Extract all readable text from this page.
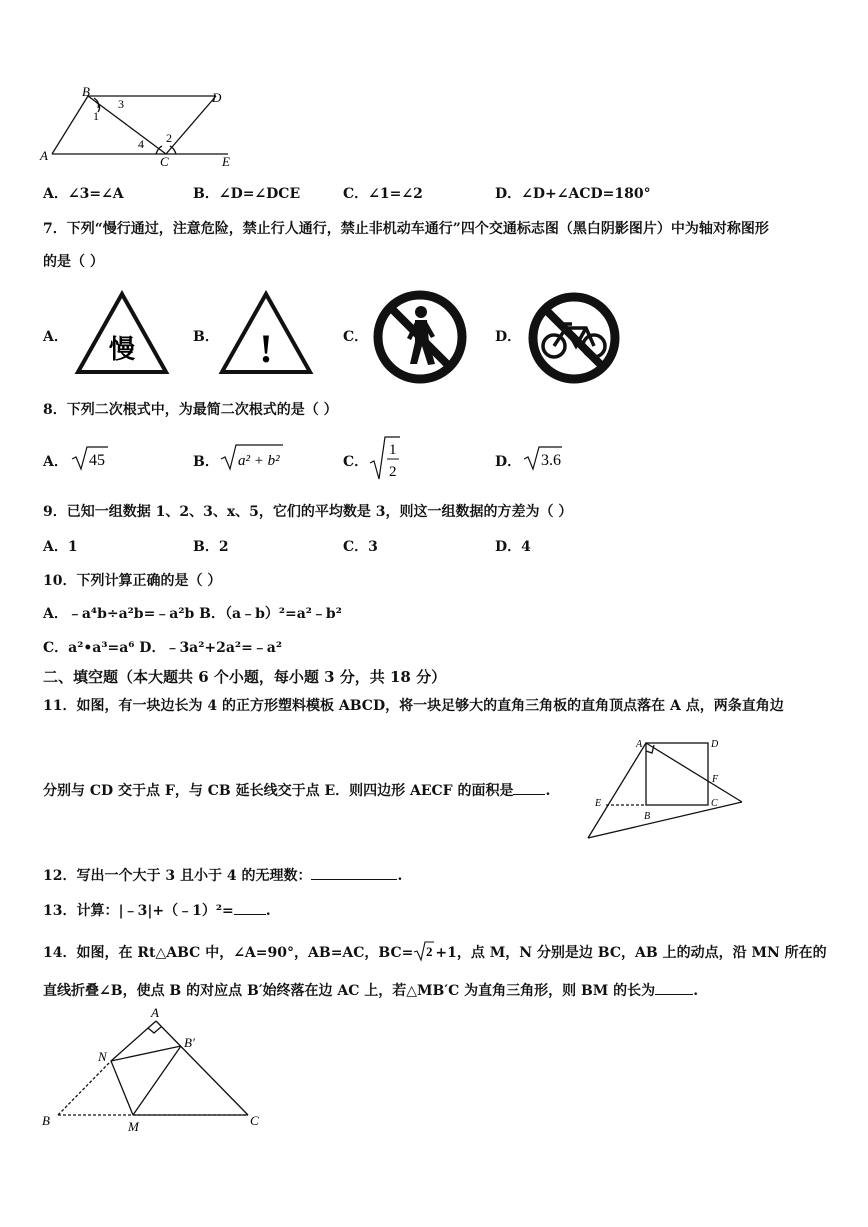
B	D
A	C	E
1
2
3
4
A．∠3=∠A	B．∠D=∠DCE	C．∠1=∠2	D．∠D+∠ACD=180°
7．下列“慢行通过，注意危险，禁止行人通行，禁止非机动车通行”四个交通标志图（黑白阴影图片）中为轴对称图形
的是（ ）
A． 慢	B． !	C．	D．
8．下列二次根式中，为最简二次根式的是（ ）
A． 45	B． a² + b²	C．
1
2
D． 3.6
9．已知一组数据 1、2、3、x、5，它们的平均数是 3，则这一组数据的方差为（ ）
A．1	B．2	C．3	D．4
10．下列计算正确的是（ ）
A．﹣a⁴b÷a²b=﹣a²b B．（a﹣b）²=a²﹣b²
C．a²•a³=a⁶ D．﹣3a²+2a²=﹣a²
二、填空题（本大题共 6 个小题，每小题 3 分，共 18 分）
11．如图，有一块边长为 4 的正方形塑料模板 ABCD，将一块足够大的直角三角板的直角顶点落在 A 点，两条直角边
分别与 CD 交于点 F，与 CB 延长线交于点 E．则四边形 AECF 的面积是 .
A	D
F
E
B
C
12．写出一个大于 3 且小于 4 的无理数：	.
13．计算：|﹣3|+（﹣1）²= .
14．如图，在 Rt△ABC 中，∠A=90°，AB=AC，BC= 2 +1，点 M，N 分别是边 BC，AB 上的动点，沿 MN 所在的
直线折叠∠B，使点 B 的对应点 B′始终落在边 AC 上，若△MB′C 为直角三角形，则 BM 的长为	.
A
B′
N
B	M	C
